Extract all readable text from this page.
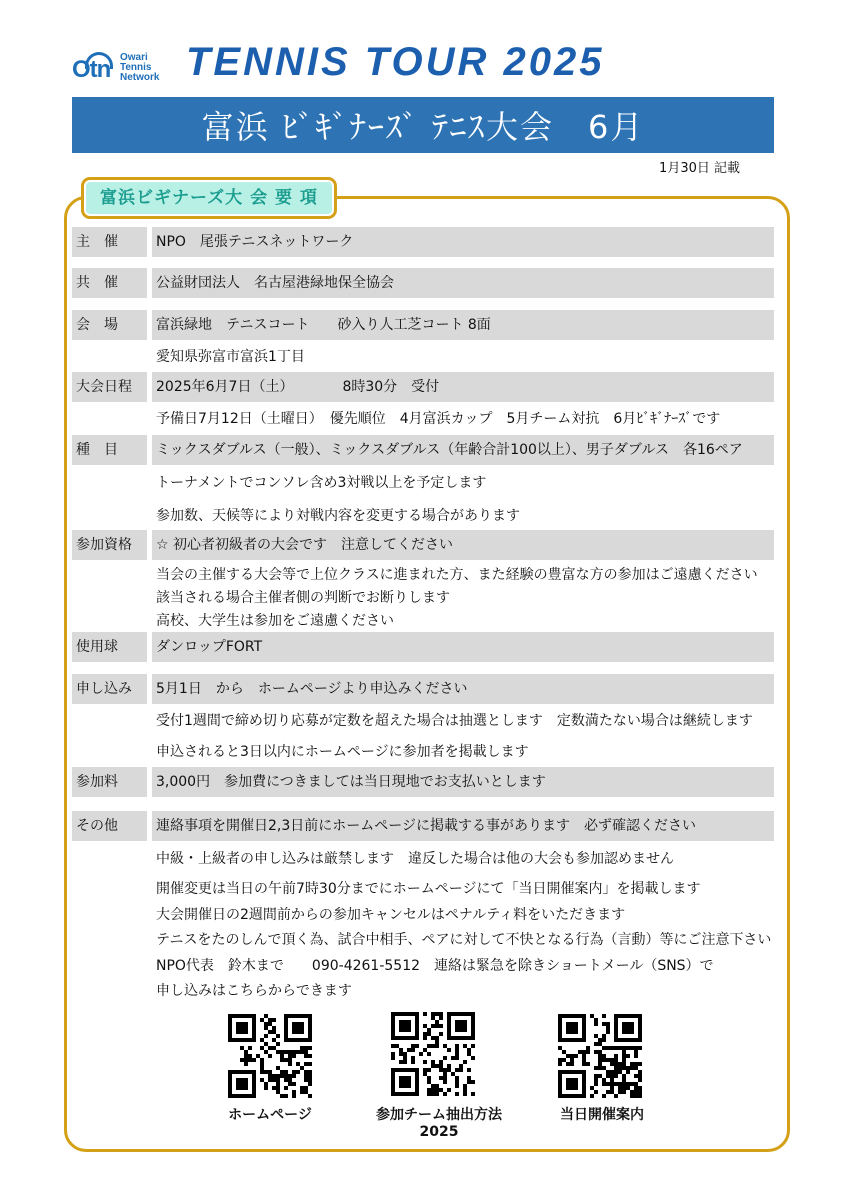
Otn Owari
Tennis
Network TENNIS TOUR 2025
富浜 ﾋﾞｷﾞﾅｰｽﾞ ﾃﾆｽ大会　6月
1月30日 記載
富浜ビギナーズ大 会 要 項
主　催	NPO　尾張テニスネットワーク
共　催	公益財団法人　名古屋港緑地保全協会
会　場	富浜緑地　テニスコート　　砂入り人工芝コート 8面
愛知県弥富市富浜1丁目
大会日程	2025年6月7日（土）　　　　8時30分　受付
予備日7月12日（土曜日）　優先順位　4月富浜カップ　5月チーム対抗　6月ﾋﾞｷﾞﾅｰｽﾞです
種　目	ミックスダブルス（一般）、ミックスダブルス（年齢合計100以上）、男子ダブルス　各16ペア
トーナメントでコンソレ含め3対戦以上を予定します
参加数、天候等により対戦内容を変更する場合があります
参加資格	☆ 初心者初級者の大会です　注意してください
当会の主催する大会等で上位クラスに進まれた方、また経験の豊富な方の参加はご遠慮ください
該当される場合主催者側の判断でお断りします
高校、大学生は参加をご遠慮ください
使用球	ダンロップFORT
申し込み	5月1日　から　ホームページより申込みください
受付1週間で締め切り応募が定数を超えた場合は抽選とします　定数満たない場合は継続します
申込されると3日以内にホームページに参加者を掲載します
参加料	3,000円　参加費につきましては当日現地でお支払いとします
その他	連絡事項を開催日2,3日前にホームページに掲載する事があります　必ず確認ください
中級・上級者の申し込みは厳禁します　違反した場合は他の大会も参加認めません
開催変更は当日の午前7時30分までにホームページにて「当日開催案内」を掲載します
大会開催日の2週間前からの参加キャンセルはペナルティ料をいただきます
テニスをたのしんで頂く為、試合中相手、ペアに対して不快となる行為（言動）等にご注意下さい
NPO代表　鈴木まで　　090-4261-5512　連絡は緊急を除きショートメール（SNS）で
申し込みはこちらからできます
ホームページ	参加チーム抽出方法
2025
当日開催案内
